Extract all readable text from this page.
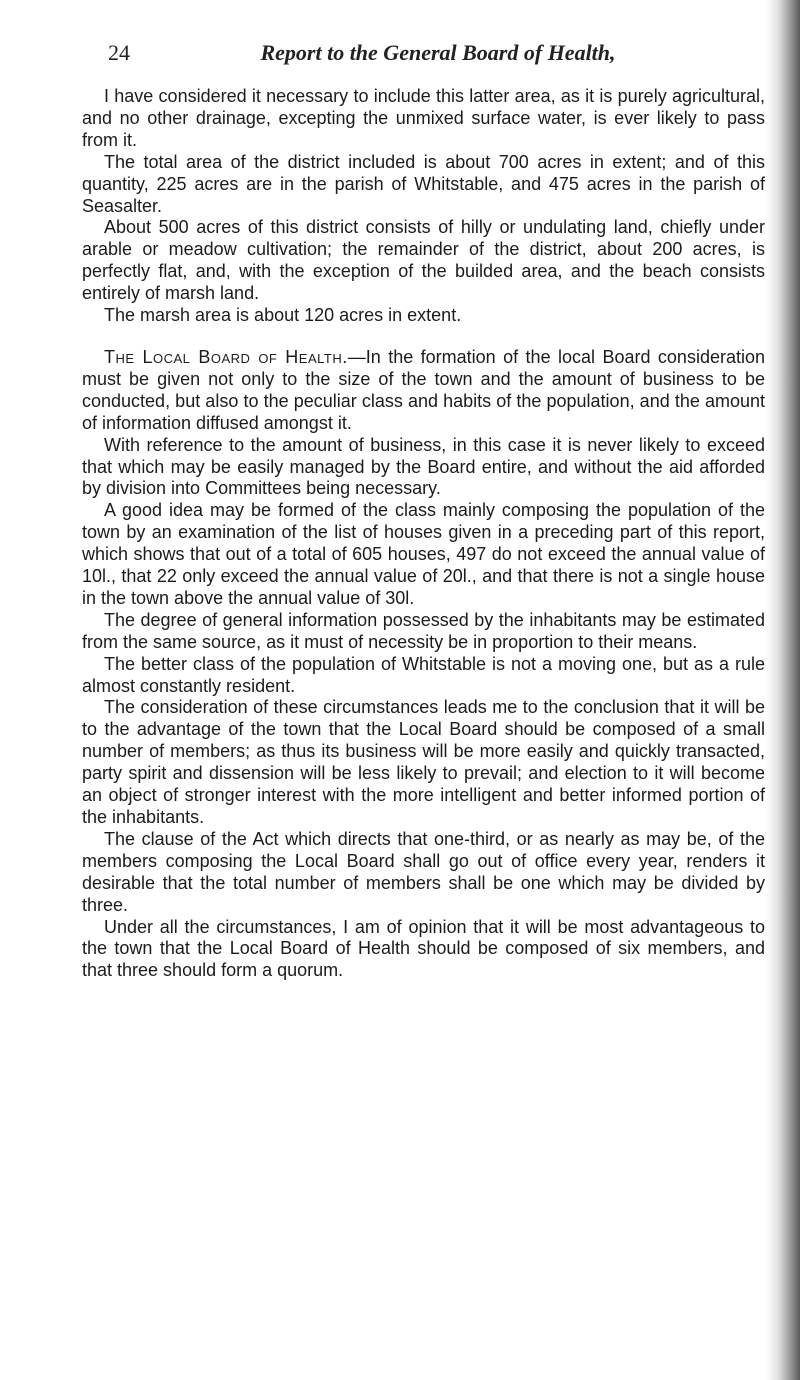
24	Report to the General Board of Health,

I have considered it necessary to include this latter area, as it is purely agricultural, and no other drainage, excepting the unmixed surface water, is ever likely to pass from it.

The total area of the district included is about 700 acres in extent; and of this quantity, 225 acres are in the parish of Whitstable, and 475 acres in the parish of Seasalter.

About 500 acres of this district consists of hilly or undulating land, chiefly under arable or meadow cultivation; the remainder of the district, about 200 acres, is perfectly flat, and, with the exception of the builded area, and the beach consists entirely of marsh land.

The marsh area is about 120 acres in extent.

The Local Board of Health.—In the formation of the local Board consideration must be given not only to the size of the town and the amount of business to be conducted, but also to the peculiar class and habits of the population, and the amount of information diffused amongst it.

With reference to the amount of business, in this case it is never likely to exceed that which may be easily managed by the Board entire, and without the aid afforded by division into Committees being necessary.

A good idea may be formed of the class mainly composing the population of the town by an examination of the list of houses given in a preceding part of this report, which shows that out of a total of 605 houses, 497 do not exceed the annual value of 10l., that 22 only exceed the annual value of 20l., and that there is not a single house in the town above the annual value of 30l.

The degree of general information possessed by the inhabitants may be estimated from the same source, as it must of necessity be in proportion to their means.

The better class of the population of Whitstable is not a moving one, but as a rule almost constantly resident.

The consideration of these circumstances leads me to the conclusion that it will be to the advantage of the town that the Local Board should be composed of a small number of members; as thus its business will be more easily and quickly transacted, party spirit and dissension will be less likely to prevail; and election to it will become an object of stronger interest with the more intelligent and better informed portion of the inhabitants.

The clause of the Act which directs that one-third, or as nearly as may be, of the members composing the Local Board shall go out of office every year, renders it desirable that the total number of members shall be one which may be divided by three.

Under all the circumstances, I am of opinion that it will be most advantageous to the town that the Local Board of Health should be composed of six members, and that three should form a quorum.
